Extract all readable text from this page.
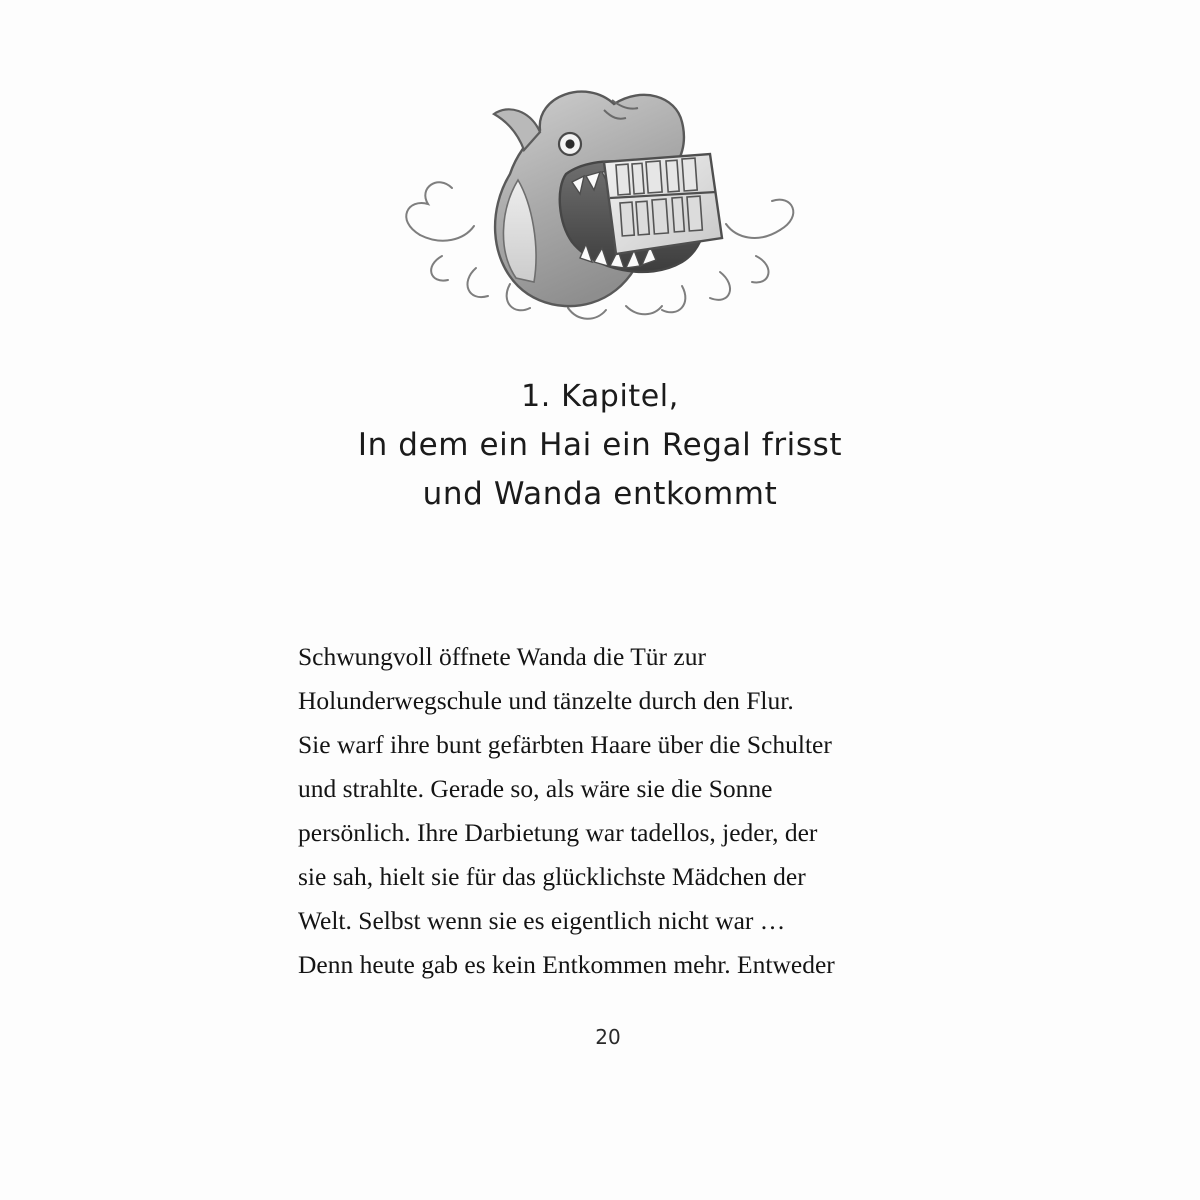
1. Kapitel,
In dem ein Hai ein Regal frisst
und Wanda entkommt
Schwungvoll öffnete Wanda die Tür zur
Holunderwegschule und tänzelte durch den Flur.
Sie warf ihre bunt gefärbten Haare über die Schulter
und strahlte. Gerade so, als wäre sie die Sonne
persönlich. Ihre Darbietung war tadellos, jeder, der
sie sah, hielt sie für das glücklichste Mädchen der
Welt. Selbst wenn sie es eigentlich nicht war …
Denn heute gab es kein Entkommen mehr. Entweder
20
